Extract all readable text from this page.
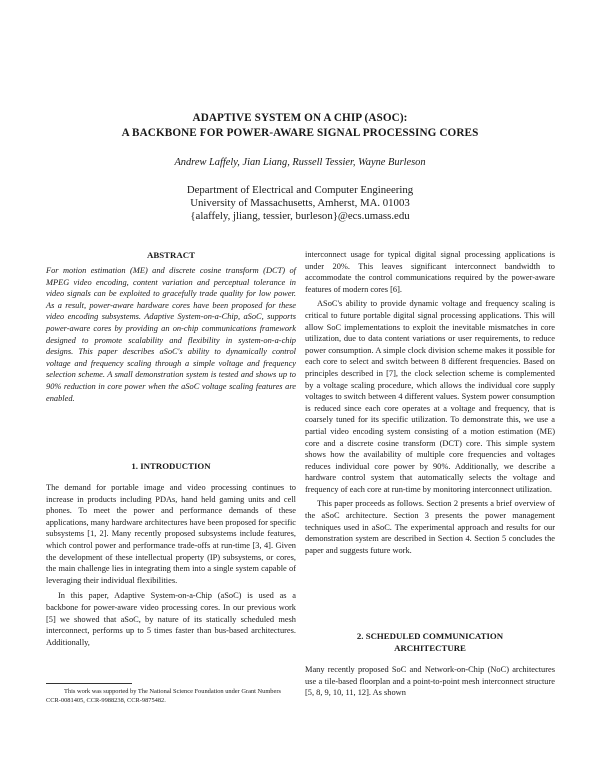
ADAPTIVE SYSTEM ON A CHIP (ASOC):
A BACKBONE FOR POWER-AWARE SIGNAL PROCESSING CORES
Andrew Laffely, Jian Liang, Russell Tessier, Wayne Burleson
Department of Electrical and Computer Engineering
University of Massachusetts, Amherst, MA. 01003
{alaffely, jliang, tessier, burleson}@ecs.umass.edu
ABSTRACT

For motion estimation (ME) and discrete cosine transform (DCT) of MPEG video encoding, content variation and perceptual tolerance in video signals can be exploited to gracefully trade quality for low power. As a result, power-aware hardware cores have been proposed for these video encoding subsystems. Adaptive System-on-a-Chip, aSoC, supports power-aware cores by providing an on-chip communications framework designed to promote scalability and flexibility in system-on-a-chip designs. This paper describes aSoC's ability to dynamically control voltage and frequency scaling through a simple voltage and frequency selection scheme. A small demonstration system is tested and shows up to 90% reduction in core power when the aSoC voltage scaling features are enabled.

1. INTRODUCTION

The demand for portable image and video processing continues to increase in products including PDAs, hand held gaming units and cell phones. To meet the power and performance demands of these applications, many hardware architectures have been proposed for specific subsystems [1, 2]. Many recently proposed subsystems include features, which control power and performance trade-offs at run-time [3, 4]. Given the development of these intellectual property (IP) subsystems, or cores, the main challenge lies in integrating them into a single system capable of leveraging their individual flexibilities.

In this paper, Adaptive System-on-a-Chip (aSoC) is used as a backbone for power-aware video processing cores. In our previous work [5] we showed that aSoC, by nature of its statically scheduled mesh interconnect, performs up to 5 times faster than bus-based architectures. Additionally,

This work was supported by The National Science Foundation under Grant Numbers CCR-0081405, CCR-9988238, CCR-9875482.

interconnect usage for typical digital signal processing applications is under 20%. This leaves significant interconnect bandwidth to accommodate the control communications required by the power-aware features of modern cores [6].

ASoC's ability to provide dynamic voltage and frequency scaling is critical to future portable digital signal processing applications. This will allow SoC implementations to exploit the inevitable mismatches in core utilization, due to data content variations or user requirements, to reduce power consumption. A simple clock division scheme makes it possible for each core to select and switch between 8 different frequencies. Based on principles described in [7], the clock selection scheme is complemented by a voltage scaling procedure, which allows the individual core supply voltages to switch between 4 different values. System power consumption is reduced since each core operates at a voltage and frequency, that is coarsely tuned for its specific utilization. To demonstrate this, we use a partial video encoding system consisting of a motion estimation (ME) core and a discrete cosine transform (DCT) core. This simple system shows how the availability of multiple core frequencies and voltages reduces individual core power by 90%. Additionally, we describe a hardware control system that automatically selects the voltage and frequency of each core at run-time by monitoring interconnect utilization.

This paper proceeds as follows. Section 2 presents a brief overview of the aSoC architecture. Section 3 presents the power management techniques used in aSoC. The experimental approach and results for our demonstration system are described in Section 4. Section 5 concludes the paper and suggests future work.

2. SCHEDULED COMMUNICATION
ARCHITECTURE

Many recently proposed SoC and Network-on-Chip (NoC) architectures use a tile-based floorplan and a point-to-point mesh interconnect structure [5, 8, 9, 10, 11, 12]. As shown
